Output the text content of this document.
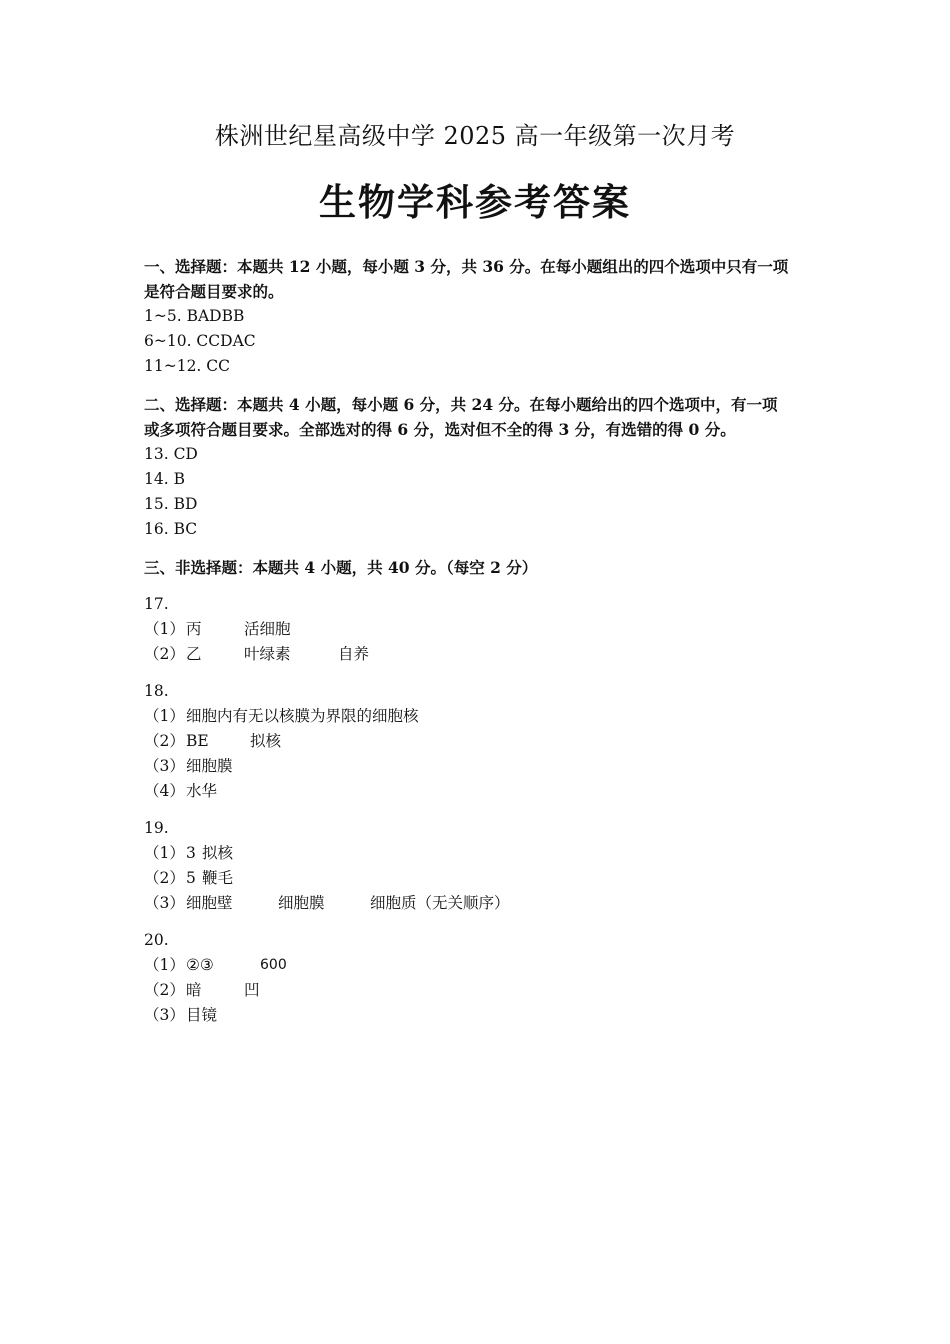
株洲世纪星高级中学 2025 高一年级第一次月考
生物学科参考答案
一、选择题：本题共 12 小题，每小题 3 分，共 36 分。在每小题组出的四个选项中只有一项
是符合题目要求的。
1~5. BADBB
6~10. CCDAC
11~12. CC
二、选择题：本题共 4 小题，每小题 6 分，共 24 分。在每小题给出的四个选项中，有一项
或多项符合题目要求。全部选对的得 6 分，选对但不全的得 3 分，有选错的得 0 分。
13. CD
14. B
15. BD
16. BC
三、非选择题：本题共 4 小题，共 40 分。（每空 2 分）
17.
（1） 丙	活细胞
（2） 乙	叶绿素	自养
18.
（1） 细胞内有无以核膜为界限的细胞核
（2） BE	拟核
（3） 细胞膜
（4） 水华
19.
（1） 3 拟核
（2） 5 鞭毛
（3） 细胞壁	细胞膜	细胞质（无关顺序）
20.
（1） ②③	600
（2） 暗	凹
（3） 目镜
